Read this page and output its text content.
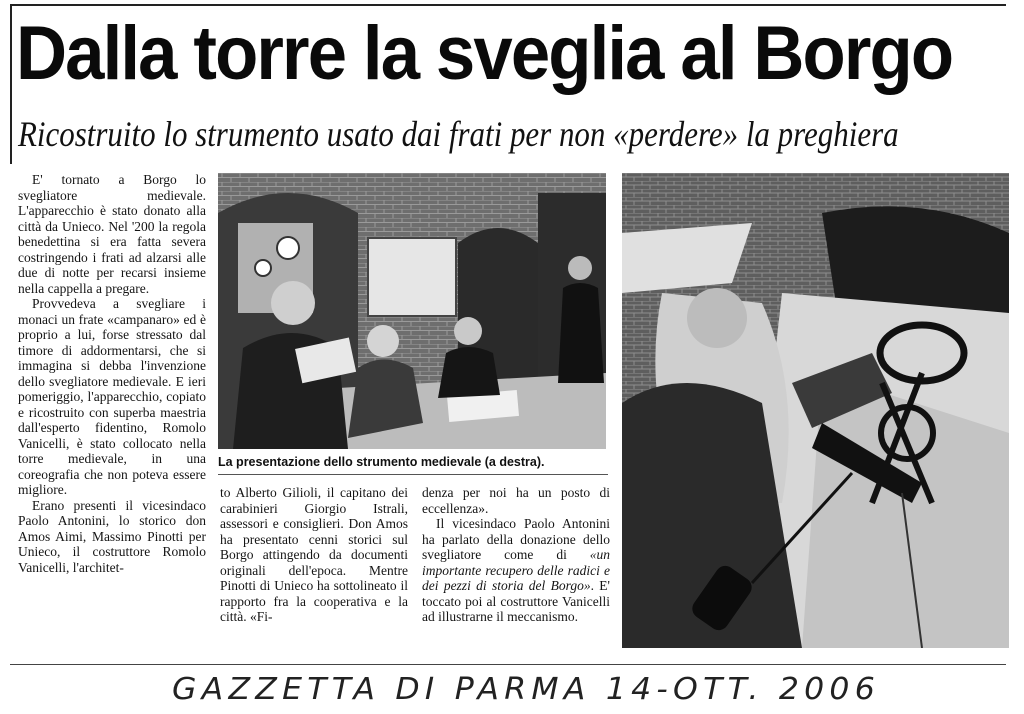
Dalla torre la sveglia al Borgo
Ricostruito lo strumento usato dai frati per non «perdere» la preghiera

E' tornato a Borgo lo svegliatore medievale. L'apparecchio è stato donato alla città da Unieco. Nel '200 la regola benedettina si era fatta severa costringendo i frati ad alzarsi alle due di notte per recarsi insieme nella cappella a pregare.

Provvedeva a svegliare i monaci un frate «campanaro» ed è proprio a lui, forse stressato dal timore di addormentarsi, che si immagina si debba l'invenzione dello svegliatore medievale. E ieri pomeriggio, l'apparecchio, copiato e ricostruito con superba maestria dall'esperto fidentino, Romolo Vanicelli, è stato collocato nella torre medievale, in una coreografia che non poteva essere migliore.

Erano presenti il vicesindaco Paolo Antonini, lo storico don Amos Aimi, Massimo Pinotti per Unieco, il costruttore Romolo Vanicelli, l'architet-

La presentazione dello strumento medievale (a destra).

to Alberto Gilioli, il capitano dei carabinieri Giorgio Istrali, assessori e consiglieri. Don Amos ha presentato cenni storici sul Borgo attingendo da documenti originali dell'epoca. Mentre Pinotti di Unieco ha sottolineato il rapporto fra la cooperativa e la città. «Fi-

denza per noi ha un posto di eccellenza».

Il vicesindaco Paolo Antonini ha parlato della donazione dello svegliatore come di «un importante recupero delle radici e dei pezzi di storia del Borgo». E' toccato poi al costruttore Vanicelli ad illustrarne il meccanismo.

GAZZETTA DI PARMA 14-OTT. 2006
